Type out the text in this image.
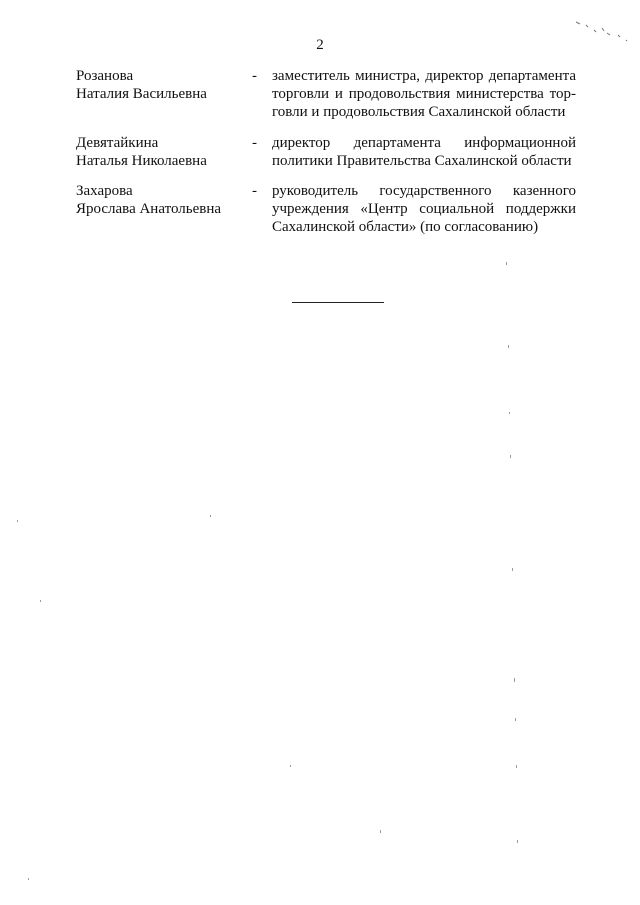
2
Розанова
Наталия Васильевна
-	заместитель министра, директор департамента
торговли и продовольствия министерства тор-
говли и продовольствия Сахалинской области
Девятайкина
Наталья Николаевна
-	директор департамента информационной
политики Правительства Сахалинской области
Захарова
Ярослава Анатольевна
-	руководитель государственного казенного
учреждения «Центр социальной поддержки
Сахалинской области» (по согласованию)
